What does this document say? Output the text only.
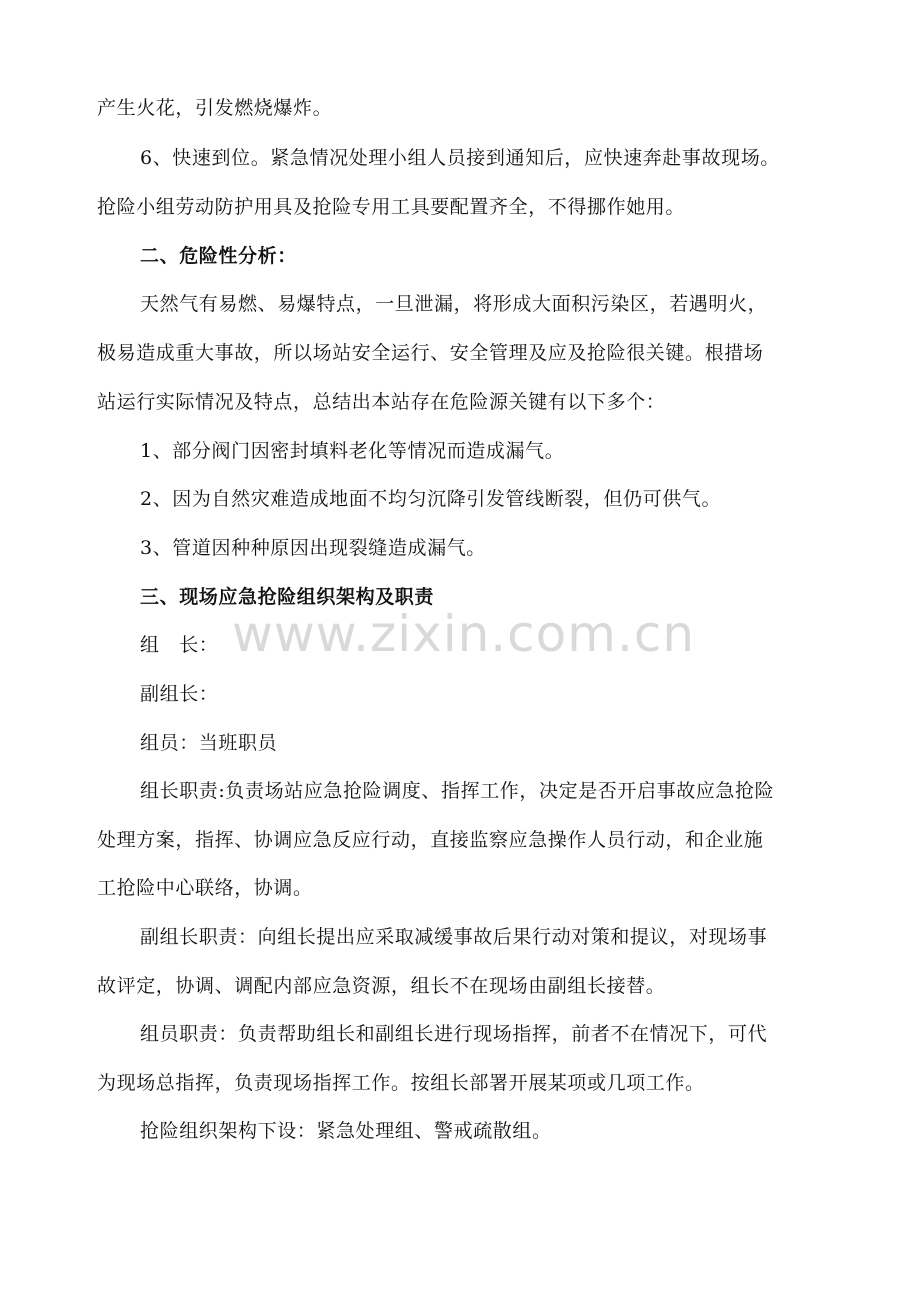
产生火花，引发燃烧爆炸。
6、快速到位。紧急情况处理小组人员接到通知后，应快速奔赴事故现场。
抢险小组劳动防护用具及抢险专用工具要配置齐全，不得挪作她用。
二、危险性分析：
天然气有易燃、易爆特点，一旦泄漏，将形成大面积污染区，若遇明火，
极易造成重大事故，所以场站安全运行、安全管理及应及抢险很关键。根措场
站运行实际情况及特点，总结出本站存在危险源关键有以下多个：
1、部分阀门因密封填料老化等情况而造成漏气。
2、因为自然灾难造成地面不均匀沉降引发管线断裂，但仍可供气。
3、管道因种种原因出现裂缝造成漏气。
三、现场应急抢险组织架构及职责
组　长：
副组长：
组员：当班职员
组长职责:负责场站应急抢险调度、指挥工作，决定是否开启事故应急抢险
处理方案，指挥、协调应急反应行动，直接监察应急操作人员行动，和企业施
工抢险中心联络，协调。
副组长职责：向组长提出应采取减缓事故后果行动对策和提议，对现场事
故评定，协调、调配内部应急资源，组长不在现场由副组长接替。
组员职责：负责帮助组长和副组长进行现场指挥，前者不在情况下，可代
为现场总指挥，负责现场指挥工作。按组长部署开展某项或几项工作。
抢险组织架构下设：紧急处理组、警戒疏散组。
www.zixin.com.cn
